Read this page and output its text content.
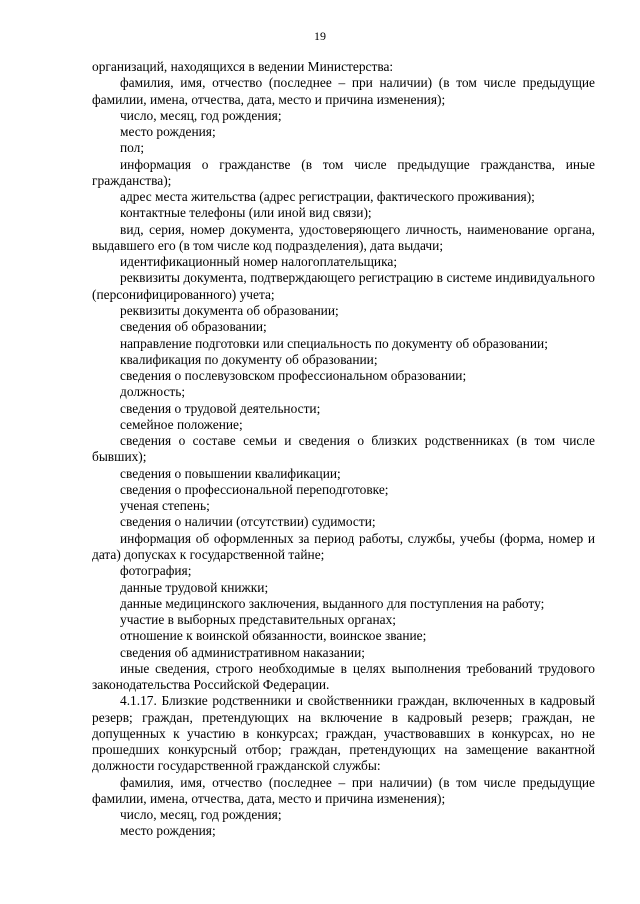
19

организаций, находящихся в ведении Министерства:

фамилия, имя, отчество (последнее – при наличии) (в том числе предыдущие фамилии, имена, отчества, дата, место и причина изменения);

число, месяц, год рождения;

место рождения;

пол;

информация о гражданстве (в том числе предыдущие гражданства, иные гражданства);

адрес места жительства (адрес регистрации, фактического проживания);

контактные телефоны (или иной вид связи);

вид, серия, номер документа, удостоверяющего личность, наименование органа, выдавшего его (в том числе код подразделения), дата выдачи;

идентификационный номер налогоплательщика;

реквизиты документа, подтверждающего регистрацию в системе индивидуального (персонифицированного) учета;

реквизиты документа об образовании;

сведения об образовании;

направление подготовки или специальность по документу об образовании;

квалификация по документу об образовании;

сведения о послевузовском профессиональном образовании;

должность;

сведения о трудовой деятельности;

семейное положение;

сведения о составе семьи и сведения о близких родственниках (в том числе бывших);

сведения о повышении квалификации;

сведения о профессиональной переподготовке;

ученая степень;

сведения о наличии (отсутствии) судимости;

информация об оформленных за период работы, службы, учебы (форма, номер и дата) допусках к государственной тайне;

фотография;

данные трудовой книжки;

данные медицинского заключения, выданного для поступления на работу;

участие в выборных представительных органах;

отношение к воинской обязанности, воинское звание;

сведения об административном наказании;

иные сведения, строго необходимые в целях выполнения требований трудового законодательства Российской Федерации.

4.1.17. Близкие родственники и свойственники граждан, включенных в кадровый резерв; граждан, претендующих на включение в кадровый резерв; граждан, не допущенных к участию в конкурсах; граждан, участвовавших в конкурсах, но не прошедших конкурсный отбор; граждан, претендующих на замещение вакантной должности государственной гражданской службы:

фамилия, имя, отчество (последнее – при наличии) (в том числе предыдущие фамилии, имена, отчества, дата, место и причина изменения);

число, месяц, год рождения;

место рождения;
